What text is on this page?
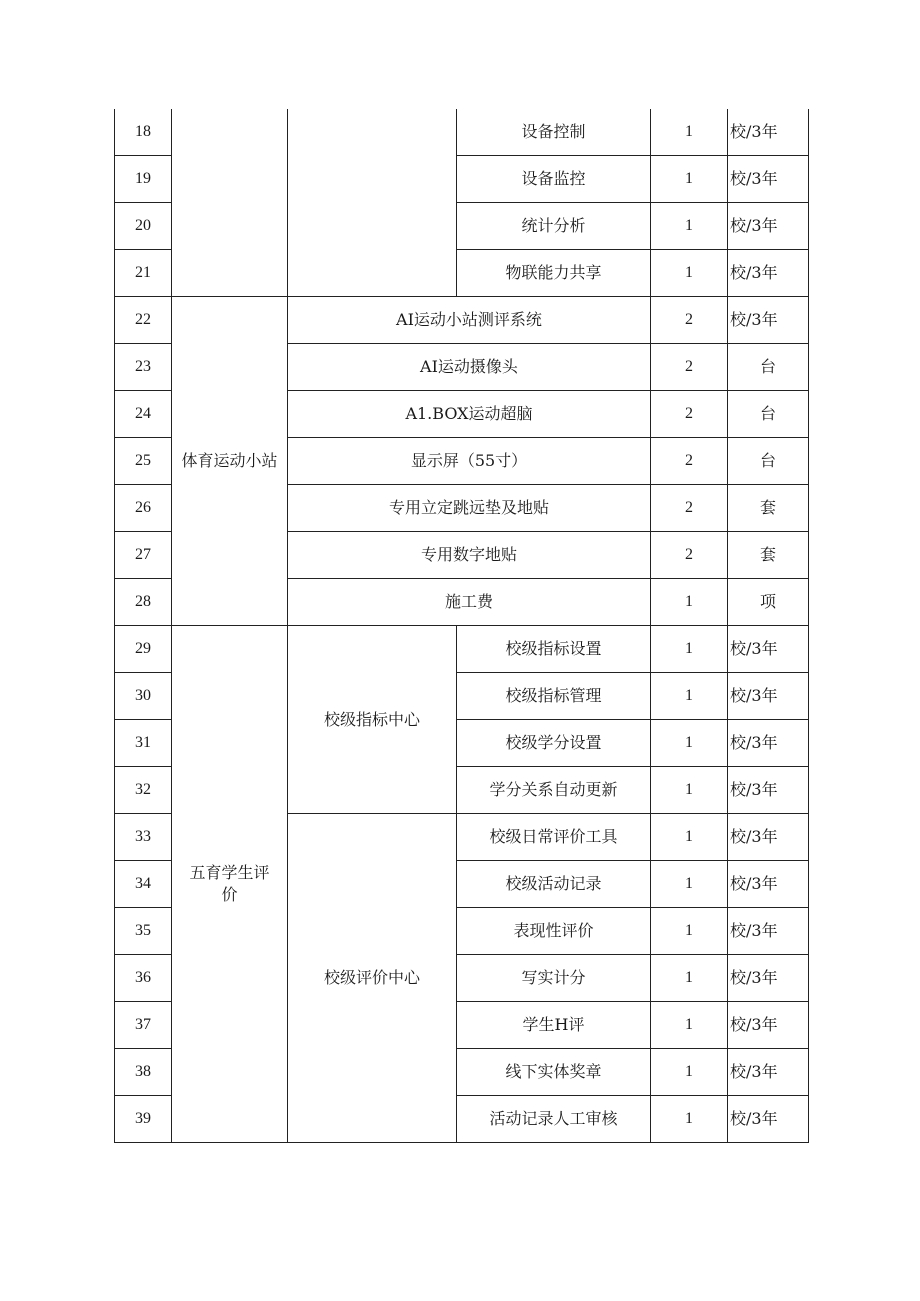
18			设备控制	1	校/3年
19			设备监控	1	校/3年
20			统计分析	1	校/3年
21			物联能力共享	1	校/3年
22	体育运动小站	AI运动小站测评系统		2	校/3年
23		AI运动摄像头		2	台
24		A1.BOX运动超脑		2	台
25		显示屏（55寸）		2	台
26		专用立定跳远垫及地贴		2	套
27		专用数字地贴		2	套
28		施工费		1	项
29	五育学生评价	校级指标中心	校级指标设置	1	校/3年
30			校级指标管理	1	校/3年
31			校级学分设置	1	校/3年
32			学分关系自动更新	1	校/3年
33		校级评价中心	校级日常评价工具	1	校/3年
34			校级活动记录	1	校/3年
35			表现性评价	1	校/3年
36			写实计分	1	校/3年
37			学生H评	1	校/3年
38			线下实体奖章	1	校/3年
39			活动记录人工审核	1	校/3年
